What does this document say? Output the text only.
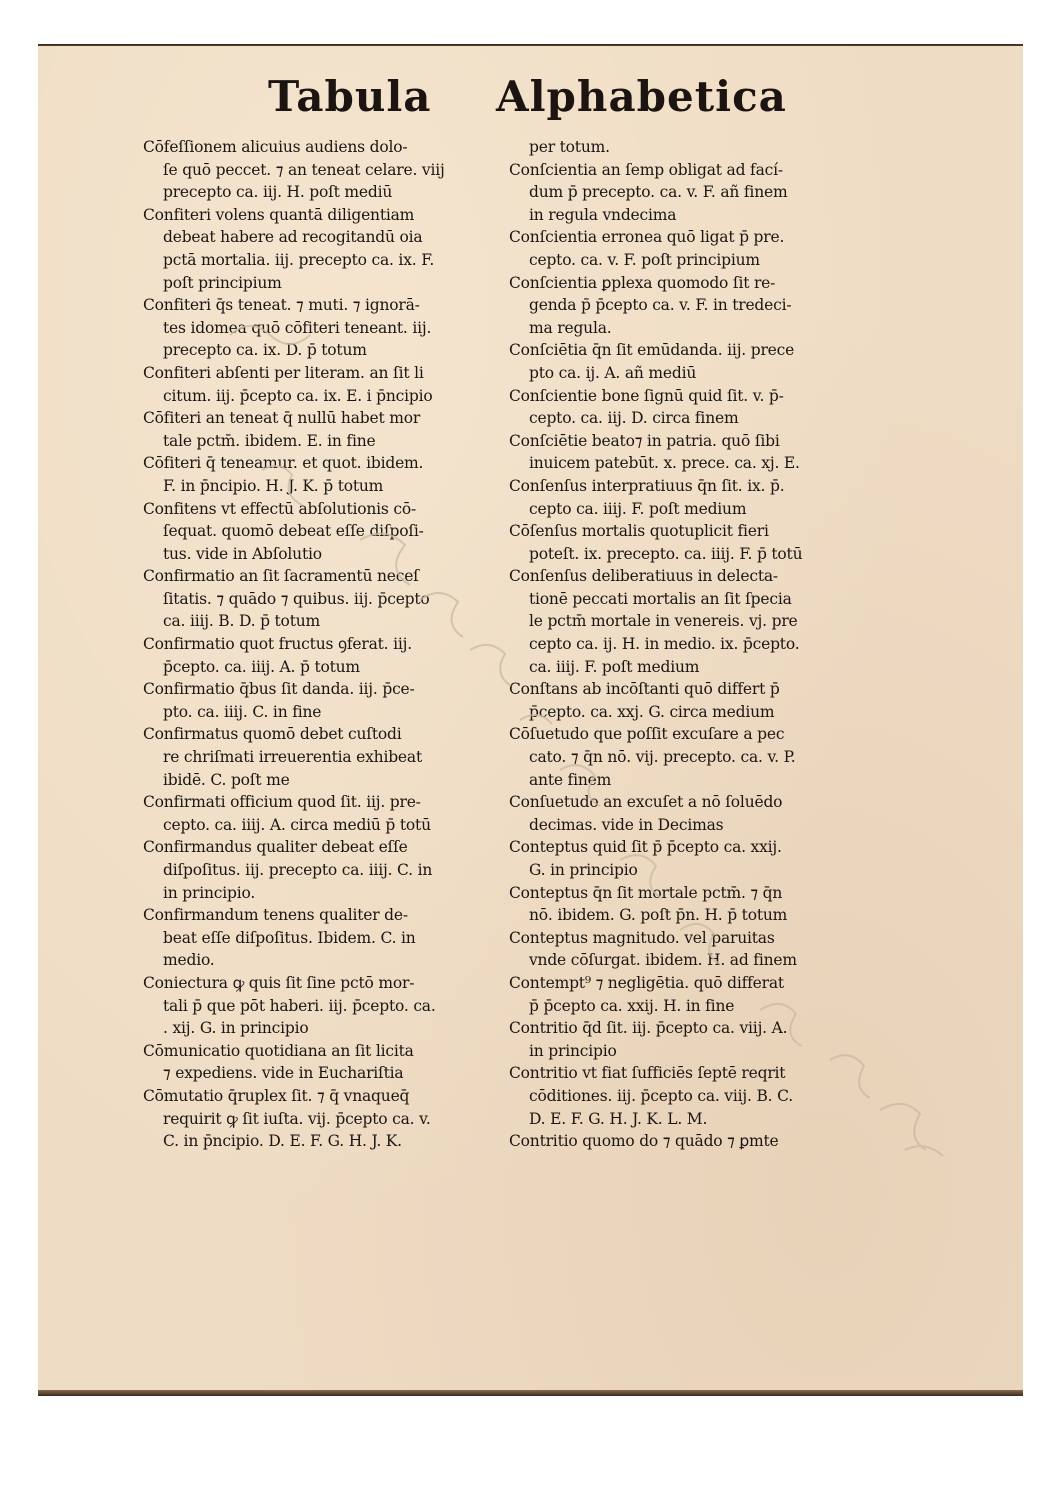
Tabula Alphabetica
Cōfeſſionem alicuius audiens dolo‑
ſe quō peccet. ⁊ an teneat celare. viij
precepto ca. iij. H. poſt mediū
Confiteri volens quantā diligentiam
debeat habere ad recogitandū oia
pctā mortalia. iij. precepto ca. ix. F.
poſt principium
Confiteri q̄s teneat. ⁊ muti. ⁊ ignorā‑
tes idomea quō cōfiteri teneant. iij.
precepto ca. ix. D. p̄ totum
Confiteri abſenti per literam. an ſit li
citum. iij. p̄cepto ca. ix. E. i p̄ncipio
Cōfiteri an teneat q̄ nullū habet mor
tale pctm̄. ibidem. E. in fine
Cōfiteri q̄ teneamur. et quot. ibidem.
F. in p̄ncipio. H. J. K. p̄ totum
Confitens vt effectū abſolutionis cō‑
ſequat. quomō debeat eſſe diſpoſi‑
tus. vide in Abſolutio
Confirmatio an ſit ſacramentū neceſ
ſitatis. ⁊ quādo ⁊ quibus. iij. p̄cepto
ca. iiij. B. D. p̄ totum
Confirmatio quot fructus ꝯferat. iij.
p̄cepto. ca. iiij. A. p̄ totum
Confirmatio q̄bus ſit danda. iij. p̄ce‑
pto. ca. iiij. C. in fine
Confirmatus quomō debet cuſtodi
re chriſmati irreuerentia exhibeat
ibidē. C. poſt me
Confirmati officium quod ſit. iij. pre‑
cepto. ca. iiij. A. circa mediū p̄ totū
Confirmandus qualiter debeat eſſe
diſpoſitus. iij. precepto ca. iiij. C. in
in principio.
Confirmandum tenens qualiter de‑
beat eſſe diſpoſitus. Ibidem. C. in
medio.
Coniectura ꝙ quis ſit ſine pctō mor‑
tali p̄ que pōt haberi. iij. p̄cepto. ca.
. xij. G. in principio
Cōmunicatio quotidiana an ſit licita
⁊ expediens. vide in Euchariſtia
Cōmutatio q̄ruplex ſit. ⁊ q̄ vnaqueq̄
requirit ꝙ ſit iuſta. vij. p̄cepto ca. v.
C. in p̄ncipio. D. E. F. G. H. J. K.
per totum.
Conſcientia an ſemp obligat ad fací‑
dum p̄ precepto. ca. v. F. añ finem
in regula vndecima
Conſcientia erronea quō ligat p̄ pre.
cepto. ca. v. F. poſt principium
Conſcientia ꝑplexa quomodo ſit re‑
genda p̄ p̄cepto ca. v. F. in tredeci‑
ma regula.
Conſciētia q̄n ſit emūdanda. iij. prece
pto ca. ij. A. añ mediū
Conſcientie bone ſignū quid ſit. v. p̄‑
cepto. ca. iij. D. circa finem
Conſciētie beato⁊ in patria. quō ſibi
inuicem patebūt. x. prece. ca. xj. E.
Conſenſus interpratiuus q̄n ſit. ix. p̄.
cepto ca. iiij. F. poſt medium
Cōſenſus mortalis quotuplicit fieri
poteſt. ix. precepto. ca. iiij. F. p̄ totū
Conſenſus deliberatiuus in delecta‑
tionē peccati mortalis an ſit ſpecia
le pctm̄ mortale in venereis. vj. pre
cepto ca. ij. H. in medio. ix. p̄cepto.
ca. iiij. F. poſt medium
Conſtans ab incōſtanti quō differt p̄
p̄cepto. ca. xxj. G. circa medium
Cōſuetudo que poſſit excuſare a pec
cato. ⁊ q̄n nō. vij. precepto. ca. v. P.
ante finem
Conſuetudo an excuſet a nō ſoluēdo
decimas. vide in Decimas
Conteptus quid ſit p̄ p̄cepto ca. xxij.
G. in principio
Conteptus q̄n ſit mortale pctm̄. ⁊ q̄n
nō. ibidem. G. poſt p̄n. H. p̄ totum
Conteptus magnitudo. vel paruitas
vnde cōſurgat. ibidem. H. ad finem
Contempt⁹ ⁊ negligētia. quō differat
p̄ p̄cepto ca. xxij. H. in fine
Contritio q̄d ſit. iij. p̄cepto ca. viij. A.
in principio
Contritio vt fiat ſufficiēs ſeptē reqrit
cōditiones. iij. p̄cepto ca. viij. B. C.
D. E. F. G. H. J. K. L. M.
Contritio quomo do ⁊ quādo ⁊ ꝑmte
